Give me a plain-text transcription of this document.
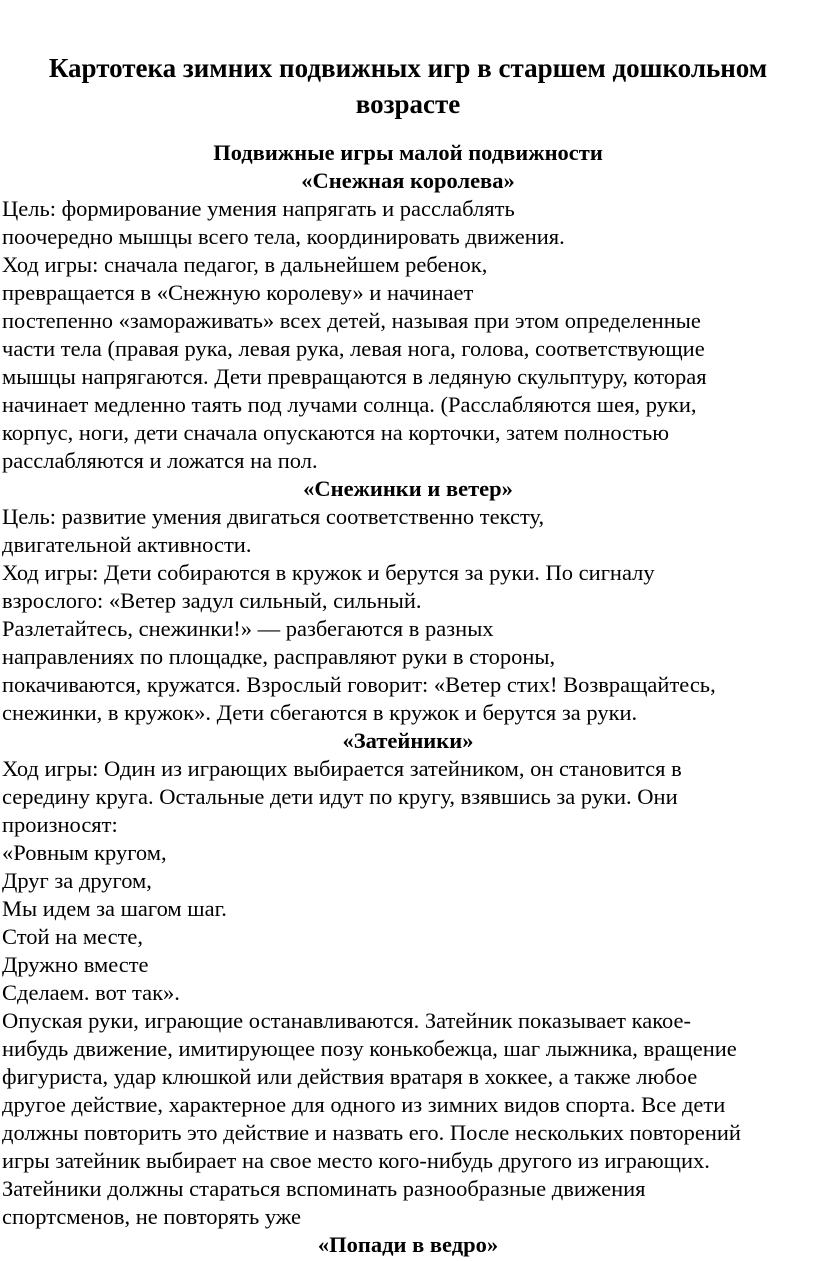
Картотека зимних подвижных игр в старшем дошкольном
возрасте
Подвижные игры малой подвижности
«Снежная королева»
Цель: формирование умения напрягать и расслаблять
поочередно мышцы всего тела, координировать движения.
Ход игры: сначала педагог, в дальнейшем ребенок,
превращается в «Снежную королеву» и начинает
постепенно «замораживать» всех детей, называя при этом определенные
части тела (правая рука, левая рука, левая нога, голова, соответствующие
мышцы напрягаются. Дети превращаются в ледяную скульптуру, которая
начинает медленно таять под лучами солнца. (Расслабляются шея, руки,
корпус, ноги, дети сначала опускаются на корточки, затем полностью
расслабляются и ложатся на пол.
«Снежинки и ветер»
Цель: развитие умения двигаться соответственно тексту,
двигательной активности.
Ход игры: Дети собираются в кружок и берутся за руки. По сигналу
взрослого: «Ветер задул сильный, сильный.
Разлетайтесь, снежинки!» — разбегаются в разных
направлениях по площадке, расправляют руки в стороны,
покачиваются, кружатся. Взрослый говорит: «Ветер стих! Возвращайтесь,
снежинки, в кружок». Дети сбегаются в кружок и берутся за руки.
«Затейники»
Ход игры: Один из играющих выбирается затейником, он становится в
середину круга. Остальные дети идут по кругу, взявшись за руки. Они
произносят:
«Ровным кругом,
Друг за другом,
Мы идем за шагом шаг.
Стой на месте,
Дружно вместе
Сделаем. вот так».
Опуская руки, играющие останавливаются. Затейник показывает какое-
нибудь движение, имитирующее позу конькобежца, шаг лыжника, вращение
фигуриста, удар клюшкой или действия вратаря в хоккее, а также любое
другое действие, характерное для одного из зимних видов спорта. Все дети
должны повторить это действие и назвать его. После нескольких повторений
игры затейник выбирает на свое место кого-нибудь другого из играющих.
Затейники должны стараться вспоминать разнообразные движения
спортсменов, не повторять уже
«Попади в ведро»
